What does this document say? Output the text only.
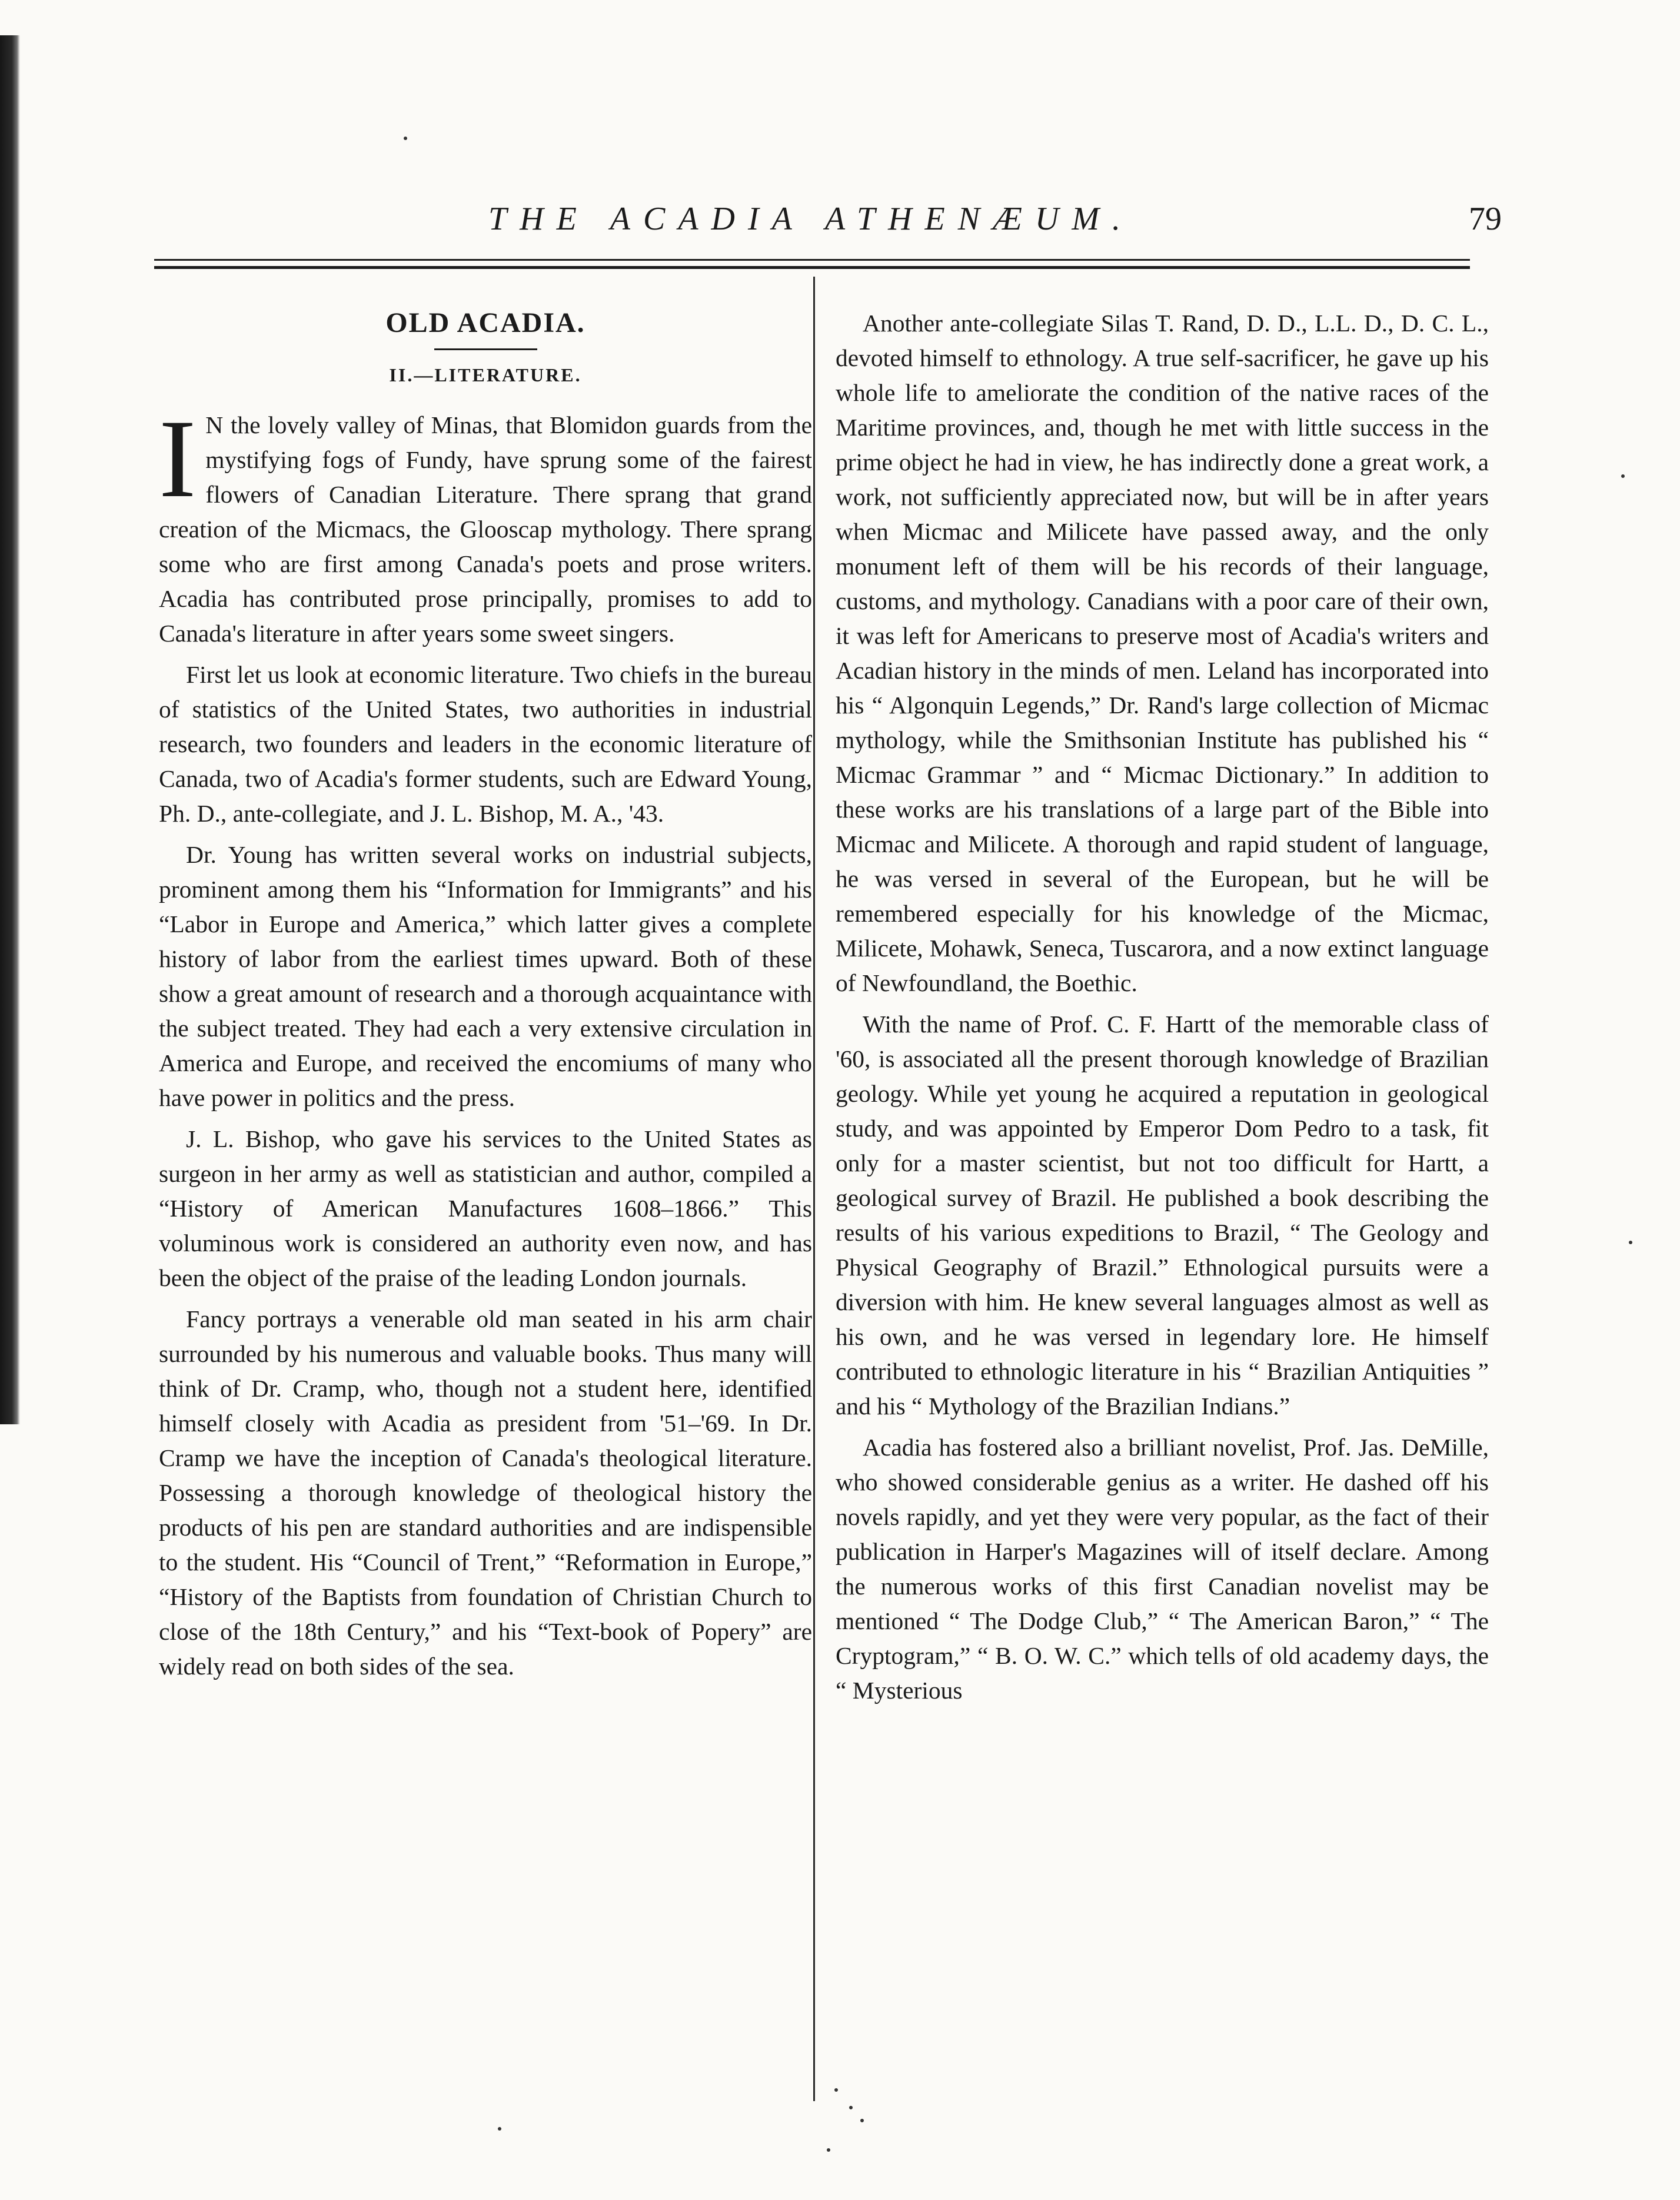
THE ACADIA ATHENÆUM.	79
OLD ACADIA.
II.—LITERATURE.

I N the lovely valley of Minas, that Blomidon guards from the mystifying fogs of Fundy, have sprung some of the fairest flowers of Canadian Literature. There sprang that grand creation of the Micmacs, the Glooscap mythology. There sprang some who are first among Canada's poets and prose writers. Acadia has contributed prose principally, promises to add to Canada's literature in after years some sweet singers.

First let us look at economic literature. Two chiefs in the bureau of statistics of the United States, two authorities in industrial research, two founders and leaders in the economic literature of Canada, two of Acadia's former students, such are Edward Young, Ph. D., ante-collegiate, and J. L. Bishop, M. A., '43.

Dr. Young has written several works on industrial subjects, prominent among them his “Information for Immigrants” and his “Labor in Europe and America,” which latter gives a complete history of labor from the earliest times upward. Both of these show a great amount of research and a thorough acquaintance with the subject treated. They had each a very extensive circulation in America and Europe, and received the encomiums of many who have power in politics and the press.

J. L. Bishop, who gave his services to the United States as surgeon in her army as well as statistician and author, compiled a “History of American Manufactures 1608–1866.” This voluminous work is considered an authority even now, and has been the object of the praise of the leading London journals.

Fancy portrays a venerable old man seated in his arm chair surrounded by his numerous and valuable books. Thus many will think of Dr. Cramp, who, though not a student here, identified himself closely with Acadia as president from '51–'69. In Dr. Cramp we have the inception of Canada's theological literature. Possessing a thorough knowledge of theological history the products of his pen are standard authorities and are indispensible to the student. His “Council of Trent,” “Reformation in Europe,” “History of the Baptists from foundation of Christian Church to close of the 18th Century,” and his “Text-book of Popery” are widely read on both sides of the sea.

Another ante-collegiate Silas T. Rand, D. D., L.L. D., D. C. L., devoted himself to ethnology. A true self-sacrificer, he gave up his whole life to ameliorate the condition of the native races of the Maritime provinces, and, though he met with little success in the prime object he had in view, he has indirectly done a great work, a work, not sufficiently appreciated now, but will be in after years when Micmac and Milicete have passed away, and the only monument left of them will be his records of their language, customs, and mythology. Canadians with a poor care of their own, it was left for Americans to preserve most of Acadia's writers and Acadian history in the minds of men. Leland has incorporated into his “ Algonquin Legends,” Dr. Rand's large collection of Micmac mythology, while the Smithsonian Institute has published his “ Micmac Grammar ” and “ Micmac Dictionary.” In addition to these works are his translations of a large part of the Bible into Micmac and Milicete. A thorough and rapid student of language, he was versed in several of the European, but he will be remembered especially for his knowledge of the Micmac, Milicete, Mohawk, Seneca, Tuscarora, and a now extinct language of Newfoundland, the Boethic.

With the name of Prof. C. F. Hartt of the memorable class of '60, is associated all the present thorough knowledge of Brazilian geology. While yet young he acquired a reputation in geological study, and was appointed by Emperor Dom Pedro to a task, fit only for a master scientist, but not too difficult for Hartt, a geological survey of Brazil. He published a book describing the results of his various expeditions to Brazil, “ The Geology and Physical Geography of Brazil.” Ethnological pursuits were a diversion with him. He knew several languages almost as well as his own, and he was versed in legendary lore. He himself contributed to ethnologic literature in his “ Brazilian Antiquities ” and his “ Mythology of the Brazilian Indians.”

Acadia has fostered also a brilliant novelist, Prof. Jas. DeMille, who showed considerable genius as a writer. He dashed off his novels rapidly, and yet they were very popular, as the fact of their publication in Harper's Magazines will of itself declare. Among the numerous works of this first Canadian novelist may be mentioned “ The Dodge Club,” “ The American Baron,” “ The Cryptogram,” “ B. O. W. C.” which tells of old academy days, the “ Mysterious
